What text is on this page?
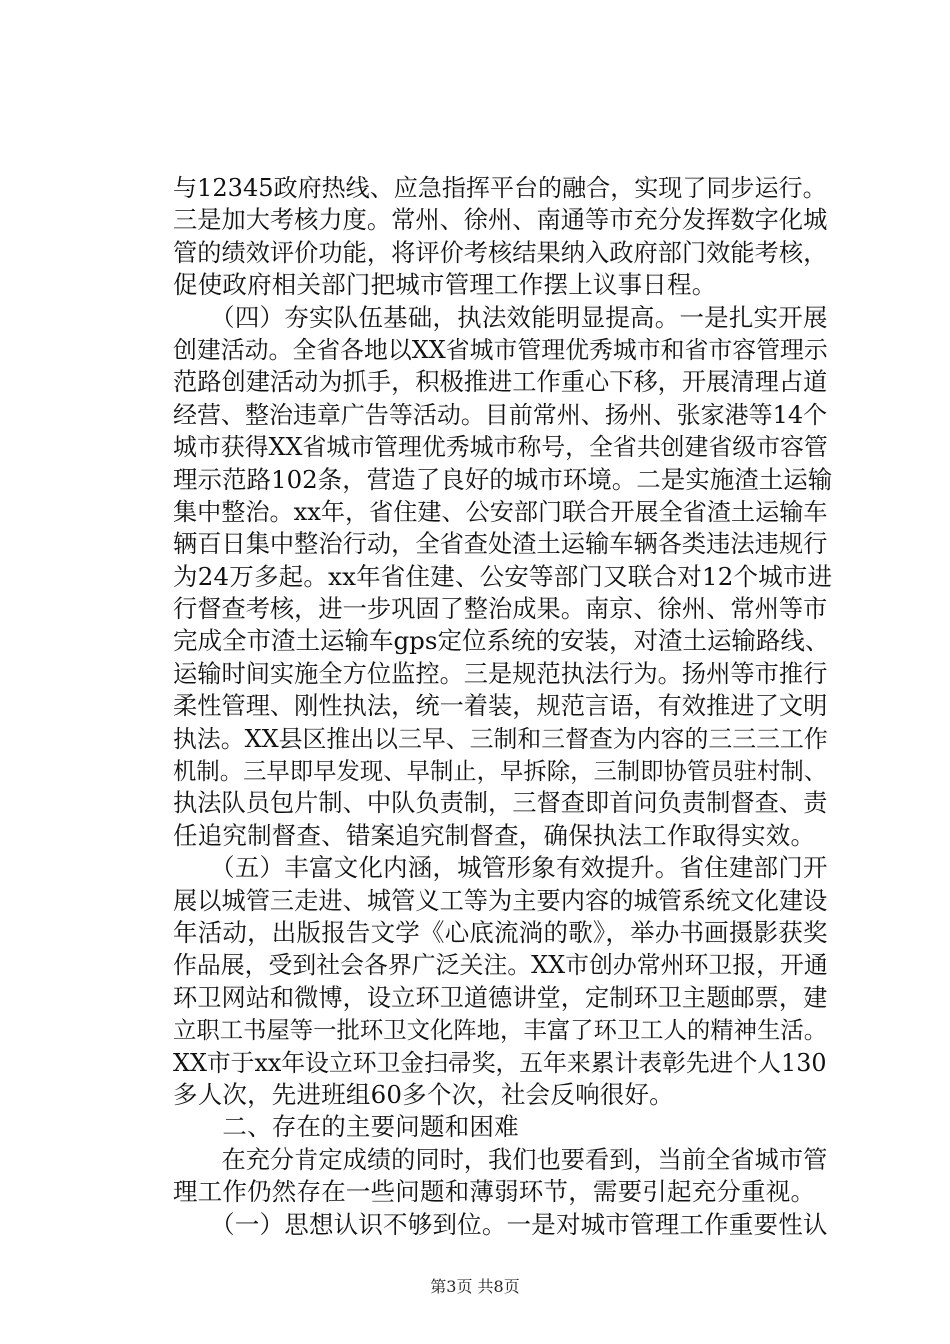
与12345政府热线、应急指挥平台的融合，实现了同步运行。
三是加大考核力度。常州、徐州、南通等市充分发挥数字化城
管的绩效评价功能，将评价考核结果纳入政府部门效能考核，
促使政府相关部门把城市管理工作摆上议事日程。
　　（四）夯实队伍基础，执法效能明显提高。一是扎实开展
创建活动。全省各地以XX省城市管理优秀城市和省市容管理示
范路创建活动为抓手，积极推进工作重心下移，开展清理占道
经营、整治违章广告等活动。目前常州、扬州、张家港等14个
城市获得XX省城市管理优秀城市称号，全省共创建省级市容管
理示范路102条，营造了良好的城市环境。二是实施渣土运输
集中整治。xx年，省住建、公安部门联合开展全省渣土运输车
辆百日集中整治行动，全省查处渣土运输车辆各类违法违规行
为24万多起。xx年省住建、公安等部门又联合对12个城市进
行督查考核，进一步巩固了整治成果。南京、徐州、常州等市
完成全市渣土运输车gps定位系统的安装，对渣土运输路线、
运输时间实施全方位监控。三是规范执法行为。扬州等市推行
柔性管理、刚性执法，统一着装，规范言语，有效推进了文明
执法。XX县区推出以三早、三制和三督查为内容的三三三工作
机制。三早即早发现、早制止，早拆除，三制即协管员驻村制、
执法队员包片制、中队负责制，三督查即首问负责制督查、责
任追究制督查、错案追究制督查，确保执法工作取得实效。
　　（五）丰富文化内涵，城管形象有效提升。省住建部门开
展以城管三走进、城管义工等为主要内容的城管系统文化建设
年活动，出版报告文学《心底流淌的歌》，举办书画摄影获奖
作品展，受到社会各界广泛关注。XX市创办常州环卫报，开通
环卫网站和微博，设立环卫道德讲堂，定制环卫主题邮票，建
立职工书屋等一批环卫文化阵地，丰富了环卫工人的精神生活。
XX市于xx年设立环卫金扫帚奖，五年来累计表彰先进个人130
多人次，先进班组60多个次，社会反响很好。
　　二、存在的主要问题和困难
　　在充分肯定成绩的同时，我们也要看到，当前全省城市管
理工作仍然存在一些问题和薄弱环节，需要引起充分重视。
　　（一）思想认识不够到位。一是对城市管理工作重要性认
第3页 共8页
